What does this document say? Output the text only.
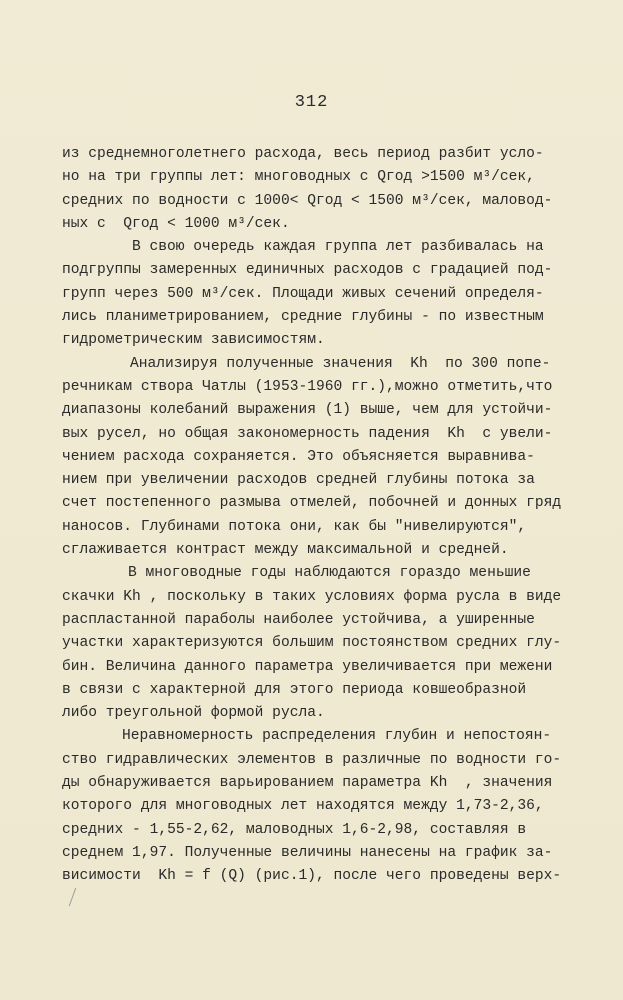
312
из среднемноголетнего расхода, весь период разбит усло-
но на три группы лет: многоводных с Qгод >1500 м³/сек,
средних по водности с 1000< Qгод < 1500 м³/сек, маловод-
ных с  Qгод < 1000 м³/сек.
В свою очередь каждая группа лет разбивалась на
подгруппы замеренных единичных расходов с градацией под-
групп через 500 м³/сек. Площади живых сечений определя-
лись планиметрированием, средние глубины - по известным
гидрометрическим зависимостям.
Анализируя полученные значения  Kh  по 300 попе-
речникам створа Чатлы (1953-1960 гг.),можно отметить,что
диапазоны колебаний выражения (1) выше, чем для устойчи-
вых русел, но общая закономерность падения  Kh  с увели-
чением расхода сохраняется. Это объясняется выравнива-
нием при увеличении расходов средней глубины потока за
счет постепенного размыва отмелей, побочней и донных гряд
наносов. Глубинами потока они, как бы "нивелируются",
сглаживается контраст между максимальной и средней.
В многоводные годы наблюдаются гораздо меньшие
скачки Kh , поскольку в таких условиях форма русла в виде
распластанной параболы наиболее устойчива, а уширенные
участки характеризуются большим постоянством средних глу-
бин. Величина данного параметра увеличивается при межени
в связи с характерной для этого периода ковшеобразной
либо треугольной формой русла.
Неравномерность распределения глубин и непостоян-
ство гидравлических элементов в различные по водности го-
ды обнаруживается варьированием параметра Kh  , значения
которого для многоводных лет находятся между 1,73-2,36,
средних - 1,55-2,62, маловодных 1,6-2,98, составляя в
среднем 1,97. Полученные величины нанесены на график за-
висимости  Kh = f (Q) (рис.1), после чего проведены верх-
